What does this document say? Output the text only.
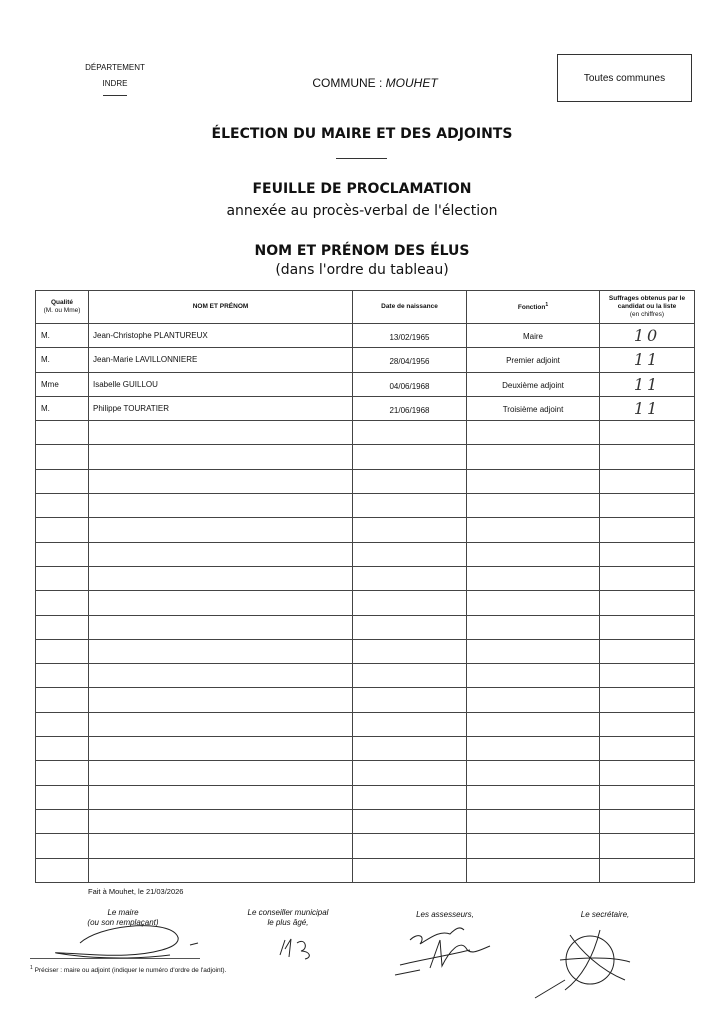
DÉPARTEMENT
INDRE	COMMUNE : MOUHET	Toutes communes
ÉLECTION DU MAIRE ET DES ADJOINTS
FEUILLE DE PROCLAMATION
annexée au procès-verbal de l'élection
NOM ET PRÉNOM DES ÉLUS
(dans l'ordre du tableau)
Qualité
(M. ou Mme)	NOM ET PRÉNOM	Date de naissance	Fonction$^1$	Suffrages obtenus par le candidat ou la liste
(en chiffres)

M.	Jean-Christophe PLANTUREUX	13/02/1965	Maire	10
M.	Jean-Marie LAVILLONNIERE	28/04/1956	Premier adjoint	11
Mme	Isabelle GUILLOU	04/06/1968	Deuxième adjoint	11
M.	Philippe TOURATIER	21/06/1968	Troisième adjoint	11

Fait à Mouhet, le 21/03/2026
Le maire
(ou son remplaçant)
Le conseiller municipal
le plus âgé,
Les assesseurs,	Le secrétaire,
$^1$ Préciser : maire ou adjoint (indiquer le numéro d'ordre de l'adjoint).
